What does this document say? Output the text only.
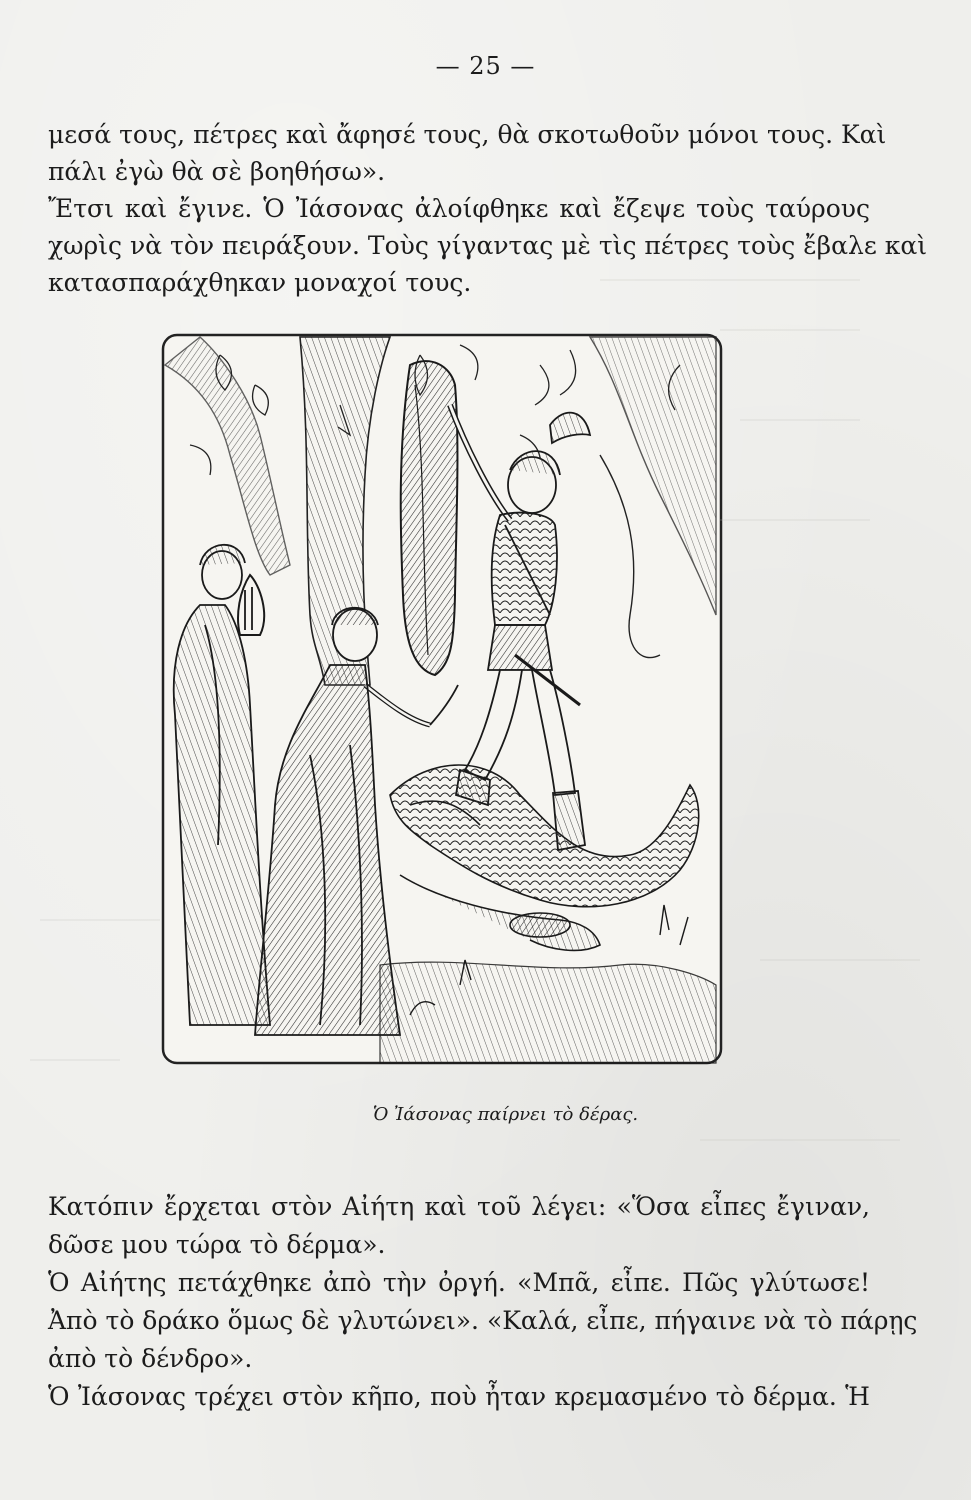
— 25 —
μεσά τους, πέτρες καὶ ἄφησέ τους, θὰ σκοτωθοῦν μόνοι τους. Καὶ
πάλι ἐγὼ θὰ σὲ βοηθήσω».
Ἔτσι καὶ ἔγινε. Ὁ Ἰάσονας ἀλοίφθηκε καὶ ἔζεψε τοὺς ταύρους
χωρὶς νὰ τὸν πειράξουν. Τοὺς γίγαντας μὲ τὶς πέτρες τοὺς ἔβαλε καὶ
κατασπαράχθηκαν μοναχοί τους.
Ὁ Ἰάσονας παίρνει τὸ δέρας.
Κατόπιν ἔρχεται στὸν Αἰήτη καὶ τοῦ λέγει: «Ὅσα εἶπες ἔγιναν,
δῶσε μου τώρα τὸ δέρμα».
Ὁ Αἰήτης πετάχθηκε ἀπὸ τὴν ὀργή. «Μπᾶ, εἶπε. Πῶς γλύτωσε!
Ἀπὸ τὸ δράκο ὅμως δὲ γλυτώνει». «Καλά, εἶπε, πήγαινε νὰ τὸ πάρῃς
ἀπὸ τὸ δένδρο».
Ὁ Ἰάσονας τρέχει στὸν κῆπο, ποὺ ἦταν κρεμασμένο τὸ δέρμα. Ἡ
